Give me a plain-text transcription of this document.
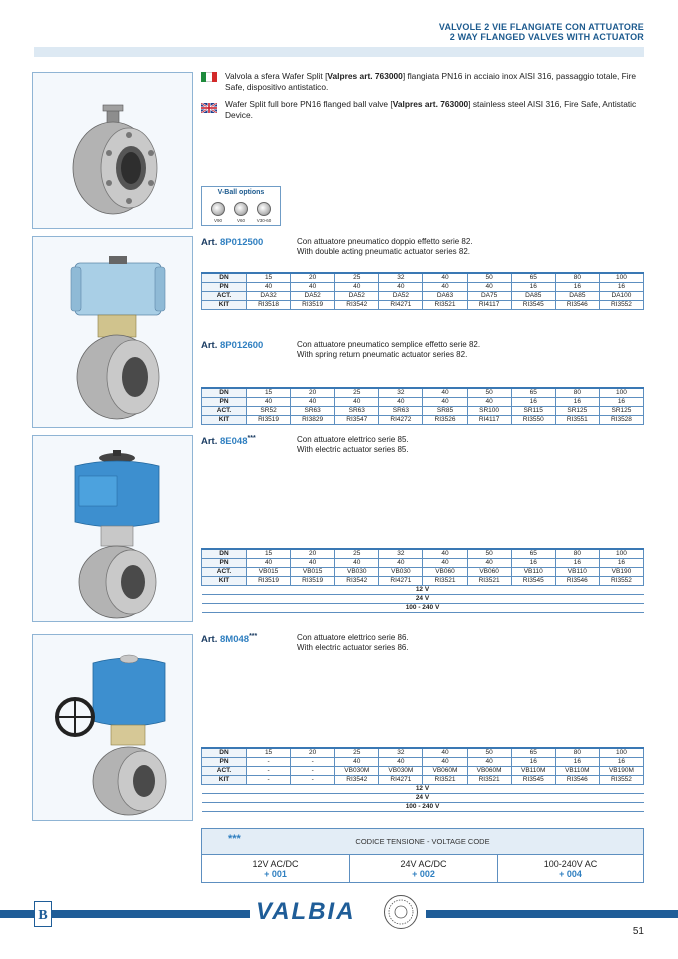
VALVOLE 2 VIE FLANGIATE CON ATTUATORE
2 WAY FLANGED VALVES WITH ACTUATOR
Valvola a sfera Wafer Split [Valpres art. 763000] flangiata PN16 in acciaio inox AISI 316, passaggio totale, Fire Safe, dispositivo antistatico.
Wafer Split full bore PN16 flanged ball valve [Valpres art. 763000] stainless steel AISI 316, Fire Safe, Antistatic Device.
V-Ball options
V90	V60	V30-60
Art. 8P012500	Con attuatore pneumatico doppio effetto serie 82.
With double acting pneumatic actuator series 82.
DN	15	20	25	32	40	50	65	80	100
PN	40	40	40	40	40	40	16	16	16
ACT.	DA32	DA52	DA52	DA52	DA63	DA75	DA85	DA85	DA100
KIT	RI3518	RI3519	RI3542	RI4271	RI3521	RI4117	RI3545	RI3546	RI3552
Art. 8P012600	Con attuatore pneumatico semplice effetto serie 82.
With spring return pneumatic actuator series 82.
DN	15	20	25	32	40	50	65	80	100
PN	40	40	40	40	40	40	16	16	16
ACT.	SR52	SR63	SR63	SR63	SR85	SR100	SR115	SR125	SR125
KIT	RI3519	RI3829	RI3547	RI4272	RI3526	RI4117	RI3550	RI3551	RI3528
Art. 8E048***	Con attuatore elettrico serie 85.
With electric actuator series 85.
DN	15	20	25	32	40	50	65	80	100
PN	40	40	40	40	40	40	16	16	16
ACT.	VB015	VB015	VB030	VB030	VB060	VB060	VB110	VB110	VB190
KIT	RI3519	RI3519	RI3542	RI4271	RI3521	RI3521	RI3545	RI3546	RI3552
12 V									
24 V									
100 - 240 V									
Art. 8M048***	Con attuatore elettrico serie 86.
With electric actuator series 86.
DN	15	20	25	32	40	50	65	80	100
PN	-	-	40	40	40	40	16	16	16
ACT.	-	-	VB030M	VB030M	VB060M	VB060M	VB110M	VB110M	VB190M
KIT	-	-	RI3542	RI4271	RI3521	RI3521	RI3545	RI3546	RI3552
12 V									
24 V									
100 - 240 V									
***	CODICE TENSIONE - VOLTAGE CODE
12V AC/DC
+ 001
24V AC/DC
+ 002
100-240V AC
+ 004
B	VALBIA
51
